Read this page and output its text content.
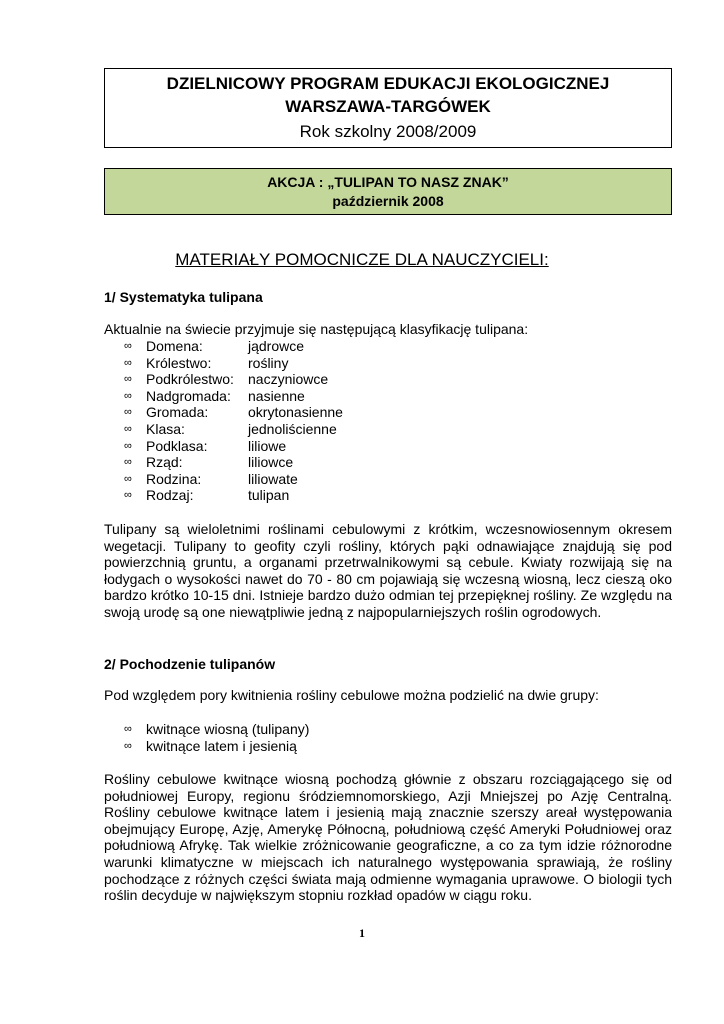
DZIELNICOWY PROGRAM EDUKACJI EKOLOGICZNEJ
WARSZAWA-TARGÓWEK
Rok szkolny 2008/2009
AKCJA : „TULIPAN TO NASZ ZNAK”
październik 2008
MATERIAŁY POMOCNICZE DLA NAUCZYCIELI:
1/ Systematyka tulipana
Aktualnie na świecie przyjmuje się następującą klasyfikację tulipana:
∞	Domena:	jądrowce
∞	Królestwo:	rośliny
∞	Podkrólestwo:	naczyniowce
∞	Nadgromada:	nasienne
∞	Gromada:	okrytonasienne
∞	Klasa:	jednoliścienne
∞	Podklasa:	liliowe
∞	Rząd:	liliowce
∞	Rodzina:	liliowate
∞	Rodzaj:	tulipan
Tulipany są wieloletnimi roślinami cebulowymi z krótkim, wczesnowiosennym okresem wegetacji. Tulipany to geofity czyli rośliny, których pąki odnawiające znajdują się pod powierzchnią gruntu, a organami przetrwalnikowymi są cebule. Kwiaty rozwijają się na łodygach o wysokości nawet do 70 - 80 cm pojawiają się wczesną wiosną, lecz cieszą oko bardzo krótko 10-15 dni. Istnieje bardzo dużo odmian tej przepięknej rośliny. Ze względu na swoją urodę są one niewątpliwie jedną z najpopularniejszych roślin ogrodowych.
2/ Pochodzenie tulipanów
Pod względem pory kwitnienia rośliny cebulowe można podzielić na dwie grupy:
∞	kwitnące wiosną (tulipany)
∞	kwitnące latem i jesienią
Rośliny cebulowe kwitnące wiosną pochodzą głównie z obszaru rozciągającego się od południowej Europy, regionu śródziemnomorskiego, Azji Mniejszej po Azję Centralną. Rośliny cebulowe kwitnące latem i jesienią mają znacznie szerszy areał występowania obejmujący Europę, Azję, Amerykę Północną, południową część Ameryki Południowej oraz południową Afrykę. Tak wielkie zróżnicowanie geograficzne, a co za tym idzie różnorodne warunki klimatyczne w miejscach ich naturalnego występowania sprawiają, że rośliny pochodzące z różnych części świata mają odmienne wymagania uprawowe. O biologii tych roślin decyduje w największym stopniu rozkład opadów w ciągu roku.
1
